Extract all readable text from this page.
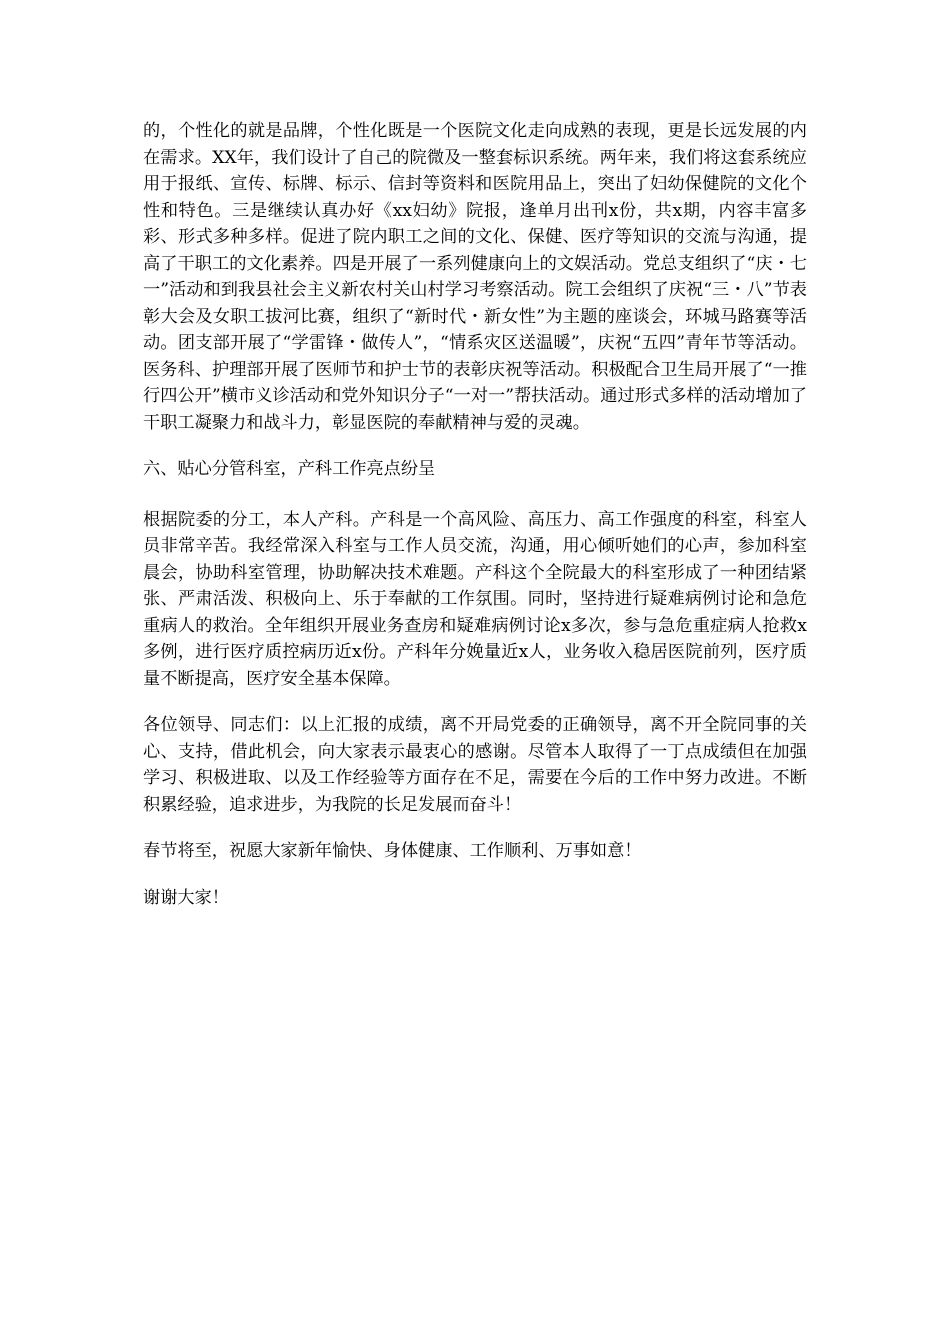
的，个性化的就是品牌，个性化既是一个医院文化走向成熟的表现，更是长远发展的内在需求。XX年，我们设计了自己的院微及一整套标识系统。两年来，我们将这套系统应用于报纸、宣传、标牌、标示、信封等资料和医院用品上，突出了妇幼保健院的文化个性和特色。三是继续认真办好《xx妇幼》院报，逢单月出刊x份，共x期，内容丰富多彩、形式多种多样。促进了院内职工之间的文化、保健、医疗等知识的交流与沟通，提高了干职工的文化素养。四是开展了一系列健康向上的文娱活动。党总支组织了“庆・七一”活动和到我县社会主义新农村关山村学习考察活动。院工会组织了庆祝“三・八”节表彰大会及女职工拔河比赛，组织了“新时代・新女性”为主题的座谈会，环城马路赛等活动。团支部开展了“学雷锋・做传人”，“情系灾区送温暖”，庆祝“五四”青年节等活动。医务科、护理部开展了医师节和护士节的表彰庆祝等活动。积极配合卫生局开展了“一推行四公开”横市义诊活动和党外知识分子“一对一”帮扶活动。通过形式多样的活动增加了干职工凝聚力和战斗力，彰显医院的奉献精神与爱的灵魂。

六、贴心分管科室，产科工作亮点纷呈

根据院委的分工，本人产科。产科是一个高风险、高压力、高工作强度的科室，科室人员非常辛苦。我经常深入科室与工作人员交流，沟通，用心倾听她们的心声，参加科室晨会，协助科室管理，协助解决技术难题。产科这个全院最大的科室形成了一种团结紧张、严肃活泼、积极向上、乐于奉献的工作氛围。同时，坚持进行疑难病例讨论和急危重病人的救治。全年组织开展业务查房和疑难病例讨论x多次，参与急危重症病人抢救x多例，进行医疗质控病历近x份。产科年分娩量近x人，业务收入稳居医院前列，医疗质量不断提高，医疗安全基本保障。

各位领导、同志们：以上汇报的成绩，离不开局党委的正确领导，离不开全院同事的关心、支持，借此机会，向大家表示最衷心的感谢。尽管本人取得了一丁点成绩但在加强学习、积极进取、以及工作经验等方面存在不足，需要在今后的工作中努力改进。不断积累经验，追求进步，为我院的长足发展而奋斗！

春节将至，祝愿大家新年愉快、身体健康、工作顺利、万事如意！

谢谢大家！
